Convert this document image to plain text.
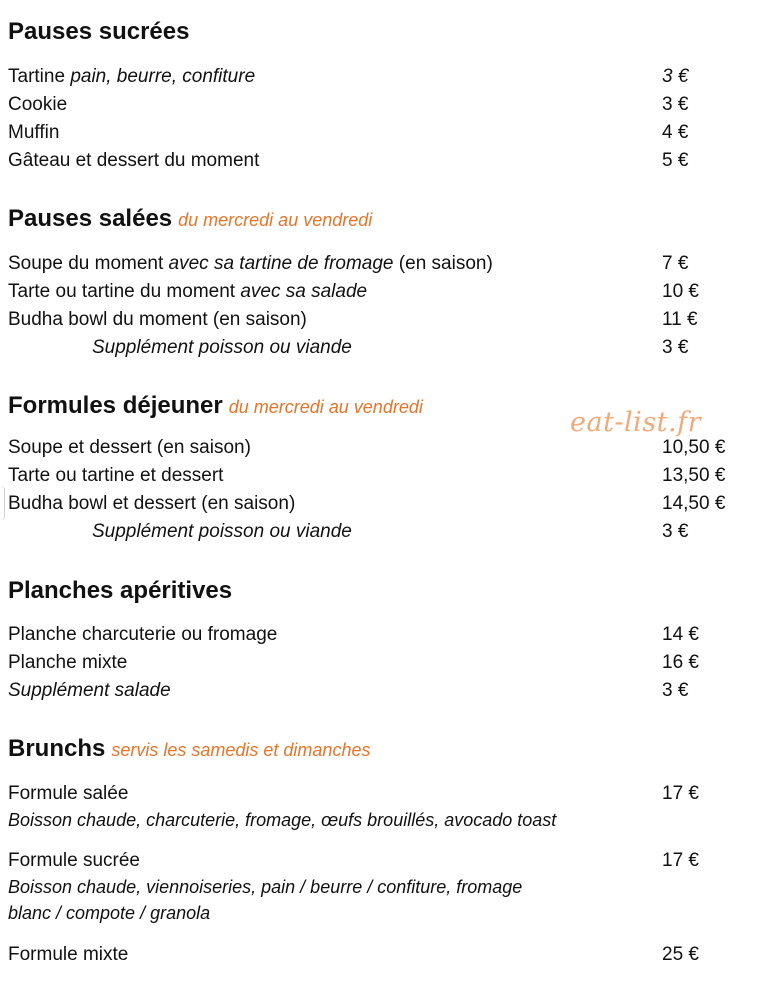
Pauses sucrées
Tartine pain, beurre, confiture	3 €
Cookie	3 €
Muffin	4 €
Gâteau et dessert du moment	5 €
Pauses salées du mercredi au vendredi
Soupe du moment avec sa tartine de fromage (en saison)	7 €
Tarte ou tartine du moment avec sa salade	10 €
Budha bowl du moment (en saison)	11 €
Supplément poisson ou viande	3 €
Formules déjeuner du mercredi au vendredi	eat-list.fr
Soupe et dessert (en saison)	10,50 €
Tarte ou tartine et dessert	13,50 €
Budha bowl et dessert (en saison)	14,50 €
Supplément poisson ou viande	3 €
Planches apéritives
Planche charcuterie ou fromage	14 €
Planche mixte	16 €
Supplément salade	3 €
Brunchs servis les samedis et dimanches
Formule salée	17 €
Boisson chaude, charcuterie, fromage, œufs brouillés, avocado toast
Formule sucrée	17 €
Boisson chaude, viennoiseries, pain / beurre / confiture, fromage
blanc / compote / granola
Formule mixte	25 €
